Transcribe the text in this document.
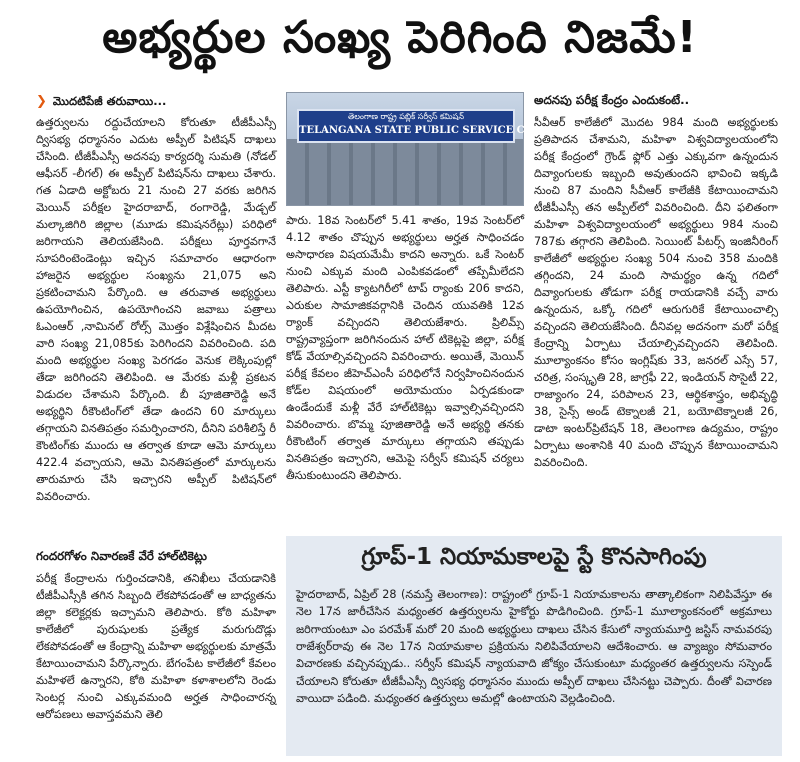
అభ్యర్థుల సంఖ్య పెరిగింది నిజమే!
❯ మొదటిపేజీ తరువాయి...

ఉత్తర్వులను రద్దుచేయాలని కోరుతూ టీజీపీఎస్సీ ద్విసభ్య ధర్మాసనం ఎదుట అప్పీల్ పిటిషన్ దాఖలు చేసింది. టీజీపీఎస్సీ అదనపు కార్యదర్శి సుమతి (నోడల్ ఆఫీసర్ -లీగల్) ఈ అప్పీల్ పిటిషన్‌ను దాఖలు చేశారు. గత ఏడాది అక్టోబరు 21 నుంచి 27 వరకు జరిగిన మెయిన్ పరీక్షల హైదరాబాద్, రంగారెడ్డి, మేడ్చల్ మల్కాజిగిరి జిల్లాల (మూడు కమిషనరేట్లు) పరిధిలో జరిగాయని తెలియజేసింది. పరీక్షలు పూర్తవగానే సూపరింటెండెంట్లు ఇచ్చిన సమాచారం ఆధారంగా హాజరైన అభ్యర్థుల సంఖ్యను 21,075 అని ప్రకటించామని పేర్కొంది. ఆ తరువాత అభ్యర్థులు ఉపయోగించిన, ఉపయోగించని జవాబు పత్రాలు ఓఎంఆర్ ,నామినల్ రోల్స్ మొత్తం విశ్లేషించిన మీదట వారి సంఖ్య 21,085కు పెరిగిందని వివరించింది. పది మంది అభ్యర్థుల సంఖ్య పెరగడం వెనుక లెక్కింపుల్లో తేడా జరిగిందని తెలిపింది. ఆ మేరకు మళ్లీ ప్రకటన విడుదల చేశామని పేర్కొంది. బీ పూజితారెడ్డి అనే అభ్యర్థిని రీకౌంటింగ్‌లో తేడా ఉందని 60 మార్కులు తగ్గాయని వినతిపత్రం సమర్పించారని, దీనిని పరిశీలిస్తే రీ కౌంటింగ్‌కు ముందు ఆ తర్వాత కూడా ఆమె మార్కులు 422.4 వచ్చాయని, ఆమె వినతిపత్రంలో మార్కులను తారుమారు చేసి ఇచ్చారని అప్పీల్ పిటిషన్‌లో వివరించారు.

గందరగోళం నివారణకే వేరే హాల్‌టికెట్లు

పరీక్ష కేంద్రాలను గుర్తించడానికి, తనిఖీలు చేయడానికి టీజీపీఎస్సీకి తగిన సిబ్బంది లేకపోవడంతో ఆ బాధ్యతను జిల్లా కలెక్టర్లకు ఇచ్చామని తెలిపారు. కోఠి మహిళా కాలేజీలో పురుషులకు ప్రత్యేక మరుగుదొడ్లు లేకపోవడంతో ఆ కేంద్రాన్ని మహిళా అభ్యర్థులకు మాత్రమే కేటాయించామని పేర్కొన్నారు. బేగంపేట కాలేజీలో కేవలం మహిళలే ఉన్నారని, కోఠి మహిళా కళాశాలలోని రెండు సెంటర్ల నుంచి ఎక్కువమంది అర్హత సాధించారన్న ఆరోపణలు అవాస్తవమని తెలి

తెలంగాణ రాష్ట్ర పబ్లిక్ సర్వీస్ కమిషన్
TELANGANA STATE PUBLIC SERVICE COMMISSION

పారు. 18వ సెంటర్‌లో 5.41 శాతం, 19వ సెంటర్‌లో 4.12 శాతం చొప్పున అభ్యర్థులు అర్హత సాధించడం అసాధారణ విషయమేమీ కాదని అన్నారు. ఒకే సెంటర్ నుంచి ఎక్కువ మంది ఎంపికవడంలో తప్పేమీలేదని తెలిపారు. ఎస్టీ క్యాటగిరీలో టాప్ ర్యాంకు 206 కాదని, ఎరుకుల సామాజికవర్గానికి చెందిన యువతికి 12వ ర్యాంక్ వచ్చిందని తెలియజేశారు. ప్రిలిమ్స్ రాష్ట్రవ్యాప్తంగా జరిగినందున హాల్ టికెట్లపై జిల్లా, పరీక్ష కోడ్ వేయాల్సివచ్చిందని వివరించారు. అయితే, మెయిన్ పరీక్ష కేవలం జీహెచ్ఎంసీ పరిధిలోనే నిర్వహించినందున కోడ్‌ల విషయంలో అయోమయం ఏర్పడకుండా ఉండేందుకే మళ్లీ వేరే హాల్‌టికెట్లు ఇవ్వాల్సివచ్చిందని వివరించారు. బొమ్మ పూజితారెడ్డి అనే అభ్యర్థి తనకు రీకౌంటింగ్ తర్వాత మార్కులు తగ్గాయని తప్పుడు వినతిపత్రం ఇచ్చారని, ఆమెపై సర్వీస్ కమిషన్ చర్యలు తీసుకుంటుందని తెలిపారు.

అదనపు పరీక్ష కేంద్రం ఎందుకంటే..

సీవీఆర్ కాలేజీలో మొదట 984 మంది అభ్యర్థులకు ప్రతిపాదన చేశామని, మహిళా విశ్వవిద్యాలయంలోని పరీక్ష కేంద్రంలో గ్రౌండ్ ఫ్లోర్ ఎత్తు ఎక్కువగా ఉన్నందున దివ్యాంగులకు ఇబ్బంది అవుతుందని భావించి ఇక్కడి నుంచి 87 మందిని సీవీఆర్ కాలేజీకి కేటాయించామని టీజీపీఎస్సీ తన అప్పీల్‌లో వివరించింది. దీని ఫలితంగా మహిళా విశ్వవిద్యాలయంలో అభ్యర్థులు 984 నుంచి 787కు తగ్గారని తెలిపింది. సెయింట్ పీటర్స్ ఇంజినీరింగ్ కాలేజీలో అభ్యర్థుల సంఖ్య 504 నుంచి 358 మందికి తగ్గిందని, 24 మంది సామర్థ్యం ఉన్న గదిలో దివ్యాంగులకు తోడుగా పరీక్ష రాయడానికి వచ్చే వారు ఉన్నందున, ఒక్కో గదిలో ఆరుగురికే కేటాయించాల్సి వచ్చిందని తెలియజేసింది. దీనివల్ల అదనంగా మరో పరీక్ష కేంద్రాన్ని ఏర్పాటు చేయాల్సివచ్చిందని తెలిపింది. మూల్యాంకనం కోసం ఇంగ్లిష్‌కు 33, జనరల్ ఎస్సే 57, చరిత్ర, సంస్కృతి 28, జాగ్రఫీ 22, ఇండియన్ సొసైటీ 22, రాజ్యాంగం 24, పరిపాలన 23, ఆర్థికశాస్త్రం, అభివృద్ధి 38, సైన్స్ అండ్ టెక్నాలజీ 21, బయోటెక్నాలజీ 26, డాటా ఇంటర్‌ప్రిటేషన్ 18, తెలంగాణ ఉద్యమం, రాష్ట్రం ఏర్పాటు అంశానికి 40 మంది చొప్పున కేటాయించామని వివరించింది.

గ్రూప్-1 నియామకాలపై స్టే కొనసాగింపు
హైదరాబాద్, ఏప్రిల్ 28 (నమస్తే తెలంగాణ): రాష్ట్రంలో గ్రూప్-1 నియామకాలను తాత్కాలికంగా నిలిపివేస్తూ ఈ నెల 17న జారీచేసిన మధ్యంతర ఉత్తర్వులను హైకోర్టు పొడిగించింది. గ్రూప్-1 మూల్యాంకనంలో అక్రమాలు జరిగాయంటూ ఎం పరమేశ్ మరో 20 మంది అభ్యర్థులు దాఖలు చేసిన కేసులో న్యాయమూర్తి జస్టిస్ నామవరపు రాజేశ్వర్‌రావు ఈ నెల 17న నియామకాల ప్రక్రియను నిలిపివేయాలని ఆదేశించారు. ఆ వ్యాజ్యం సోమవారం విచారణకు వచ్చినప్పుడు.. సర్వీస్ కమిషన్ న్యాయవాది జోక్యం చేసుకుంటూ మధ్యంతర ఉత్తర్వులను సస్పెండ్ చేయాలని కోరుతూ టీజీపీఎస్సీ ద్విసభ్య ధర్మాసనం ముందు అప్పీల్ దాఖలు చేసినట్టు చెప్పారు. దీంతో విచారణ వాయిదా పడింది. మధ్యంతర ఉత్తర్వులు అమల్లో ఉంటాయని వెల్లడించింది.
